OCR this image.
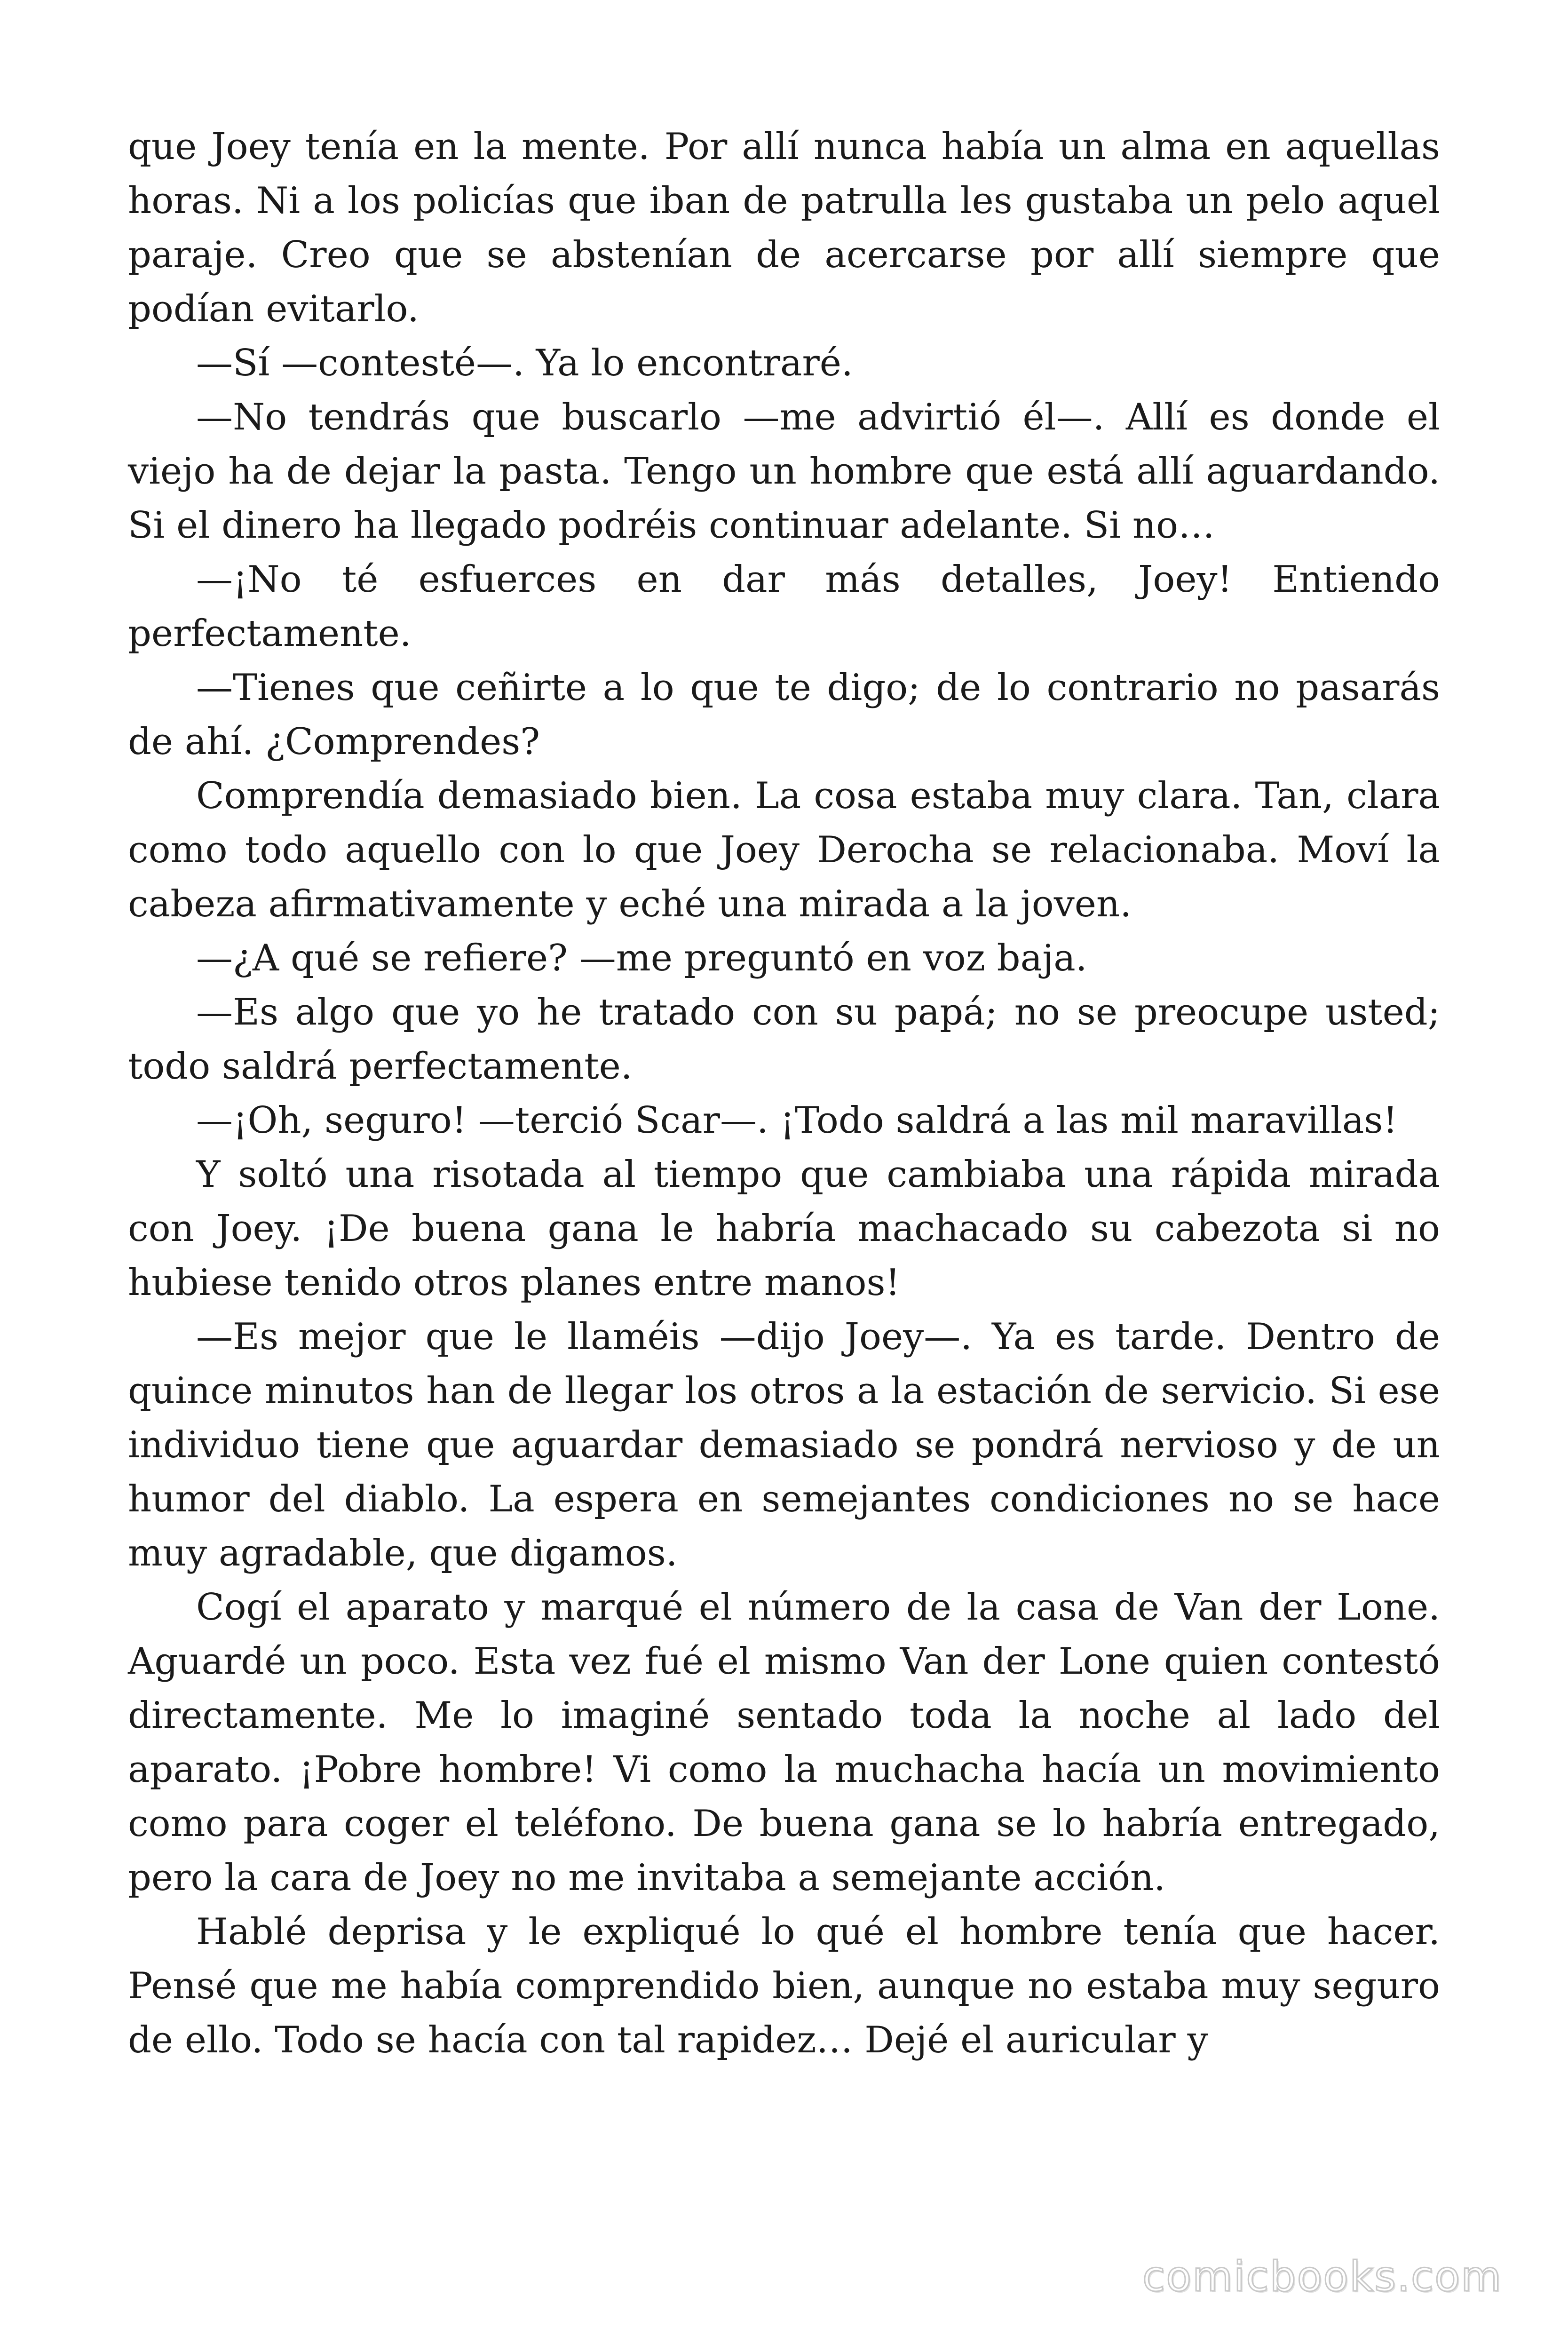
que Joey tenía en la mente. Por allí nunca había un alma en aquellas horas. Ni a los policías que iban de patrulla les gustaba un pelo aquel paraje. Creo que se abstenían de acercarse por allí siempre que podían evitarlo.

—Sí —contesté—. Ya lo encontraré.

—No tendrás que buscarlo —me advirtió él—. Allí es donde el viejo ha de dejar la pasta. Tengo un hombre que está allí aguardando. Si el dinero ha llegado podréis continuar adelante. Si no…

—¡No té esfuerces en dar más detalles, Joey! Entiendo perfectamente.

—Tienes que ceñirte a lo que te digo; de lo contrario no pasarás de ahí. ¿Comprendes?

Comprendía demasiado bien. La cosa estaba muy clara. Tan, clara como todo aquello con lo que Joey Derocha se relacionaba. Moví la cabeza afirmativamente y eché una mirada a la joven.

—¿A qué se refiere? —me preguntó en voz baja.

—Es algo que yo he tratado con su papá; no se preocupe usted; todo saldrá perfectamente.

—¡Oh, seguro! —terció Scar—. ¡Todo saldrá a las mil maravillas!

Y soltó una risotada al tiempo que cambiaba una rápida mirada con Joey. ¡De buena gana le habría machacado su cabezota si no hubiese tenido otros planes entre manos!

—Es mejor que le llaméis —dijo Joey—. Ya es tarde. Dentro de quince minutos han de llegar los otros a la estación de servicio. Si ese individuo tiene que aguardar demasiado se pondrá nervioso y de un humor del diablo. La espera en semejantes condiciones no se hace muy agradable, que digamos.

Cogí el aparato y marqué el número de la casa de Van der Lone. Aguardé un poco. Esta vez fué el mismo Van der Lone quien contestó directamente. Me lo imaginé sentado toda la noche al lado del aparato. ¡Pobre hombre! Vi como la muchacha hacía un movimiento como para coger el teléfono. De buena gana se lo habría entregado, pero la cara de Joey no me invitaba a semejante acción.

Hablé deprisa y le expliqué lo qué el hombre tenía que hacer. Pensé que me había comprendido bien, aunque no estaba muy seguro de ello. Todo se hacía con tal rapidez… Dejé el auricular y

comicbooks.com
